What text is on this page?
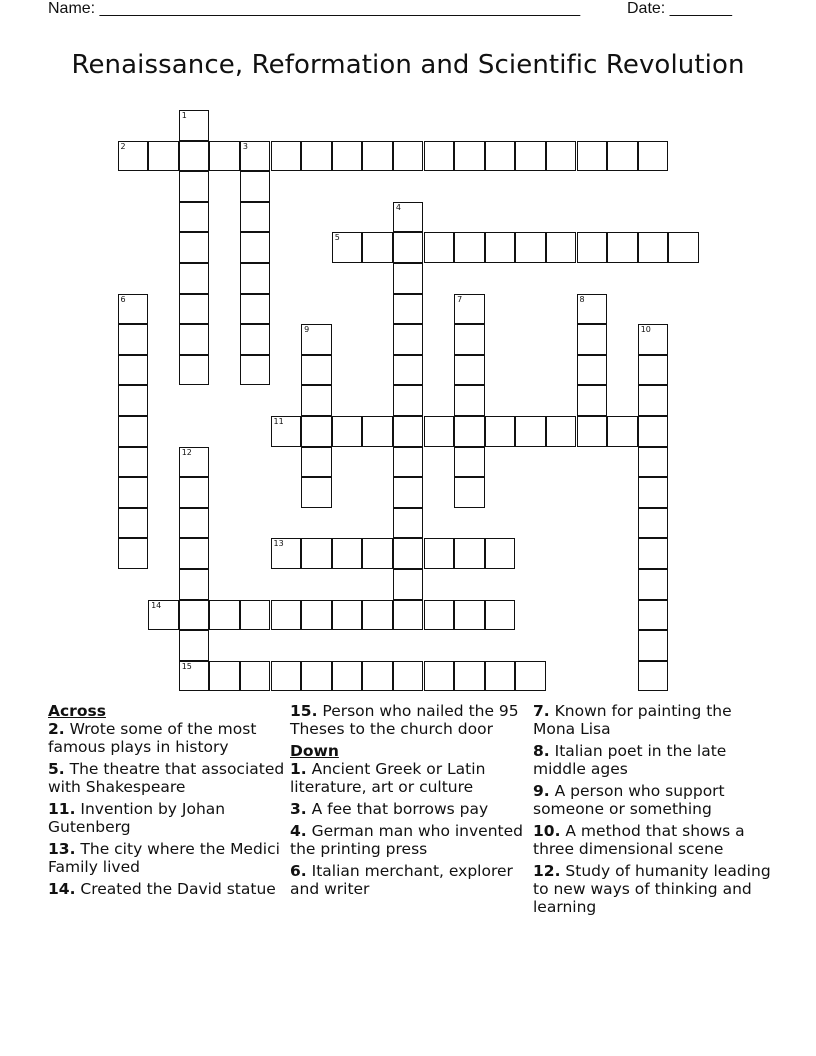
Name: ______________________________________________________	Date: _______
Renaissance, Reformation and Scientific Revolution
2	3
5
11
13
14
15
1
4
6	7	8
9	10
12

Across

2. Wrote some of the most famous plays in history

5. The theatre that associated with Shakespeare

11. Invention by Johan Gutenberg

13. The city where the Medici Family lived

14. Created the David statue

15. Person who nailed the 95 Theses to the church door

Down

1. Ancient Greek or Latin literature, art or culture

3. A fee that borrows pay

4. German man who invented the printing press

6. Italian merchant, explorer and writer

7. Known for painting the Mona Lisa

8. Italian poet in the late middle ages

9. A person who support someone or something

10. A method that shows a three dimensional scene

12. Study of humanity leading to new ways of thinking and learning
